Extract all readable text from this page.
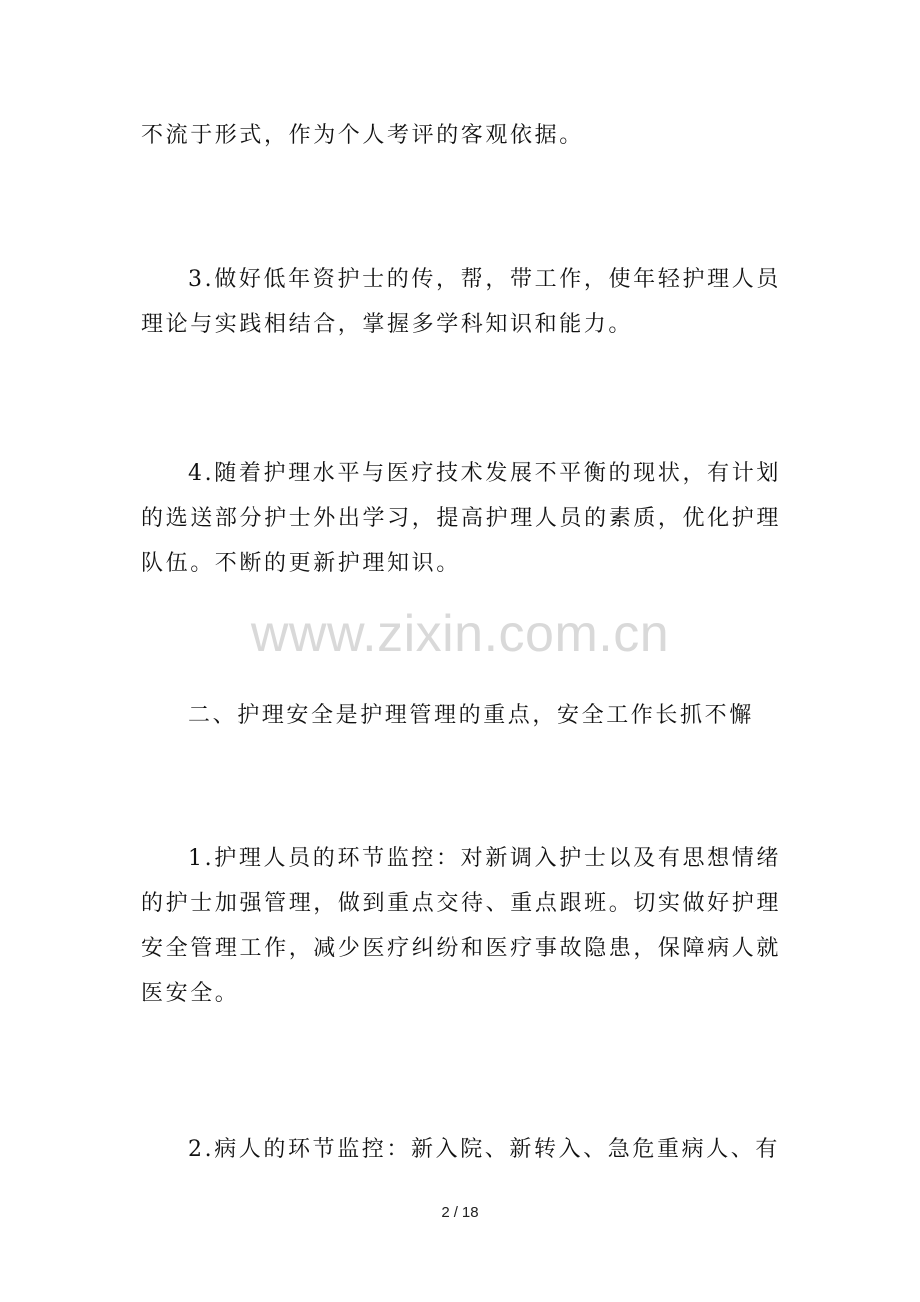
不流于形式，作为个人考评的客观依据。

3.做好低年资护士的传，帮，带工作，使年轻护理人员理论与实践相结合，掌握多学科知识和能力。

4.随着护理水平与医疗技术发展不平衡的现状，有计划的选送部分护士外出学习，提高护理人员的素质，优化护理队伍。不断的更新护理知识。

www.zixin.com.cn

二、护理安全是护理管理的重点，安全工作长抓不懈

1.护理人员的环节监控：对新调入护士以及有思想情绪的护士加强管理，做到重点交待、重点跟班。切实做好护理安全管理工作，减少医疗纠纷和医疗事故隐患，保障病人就医安全。

2.病人的环节监控：新入院、新转入、急危重病人、有

2 / 18
